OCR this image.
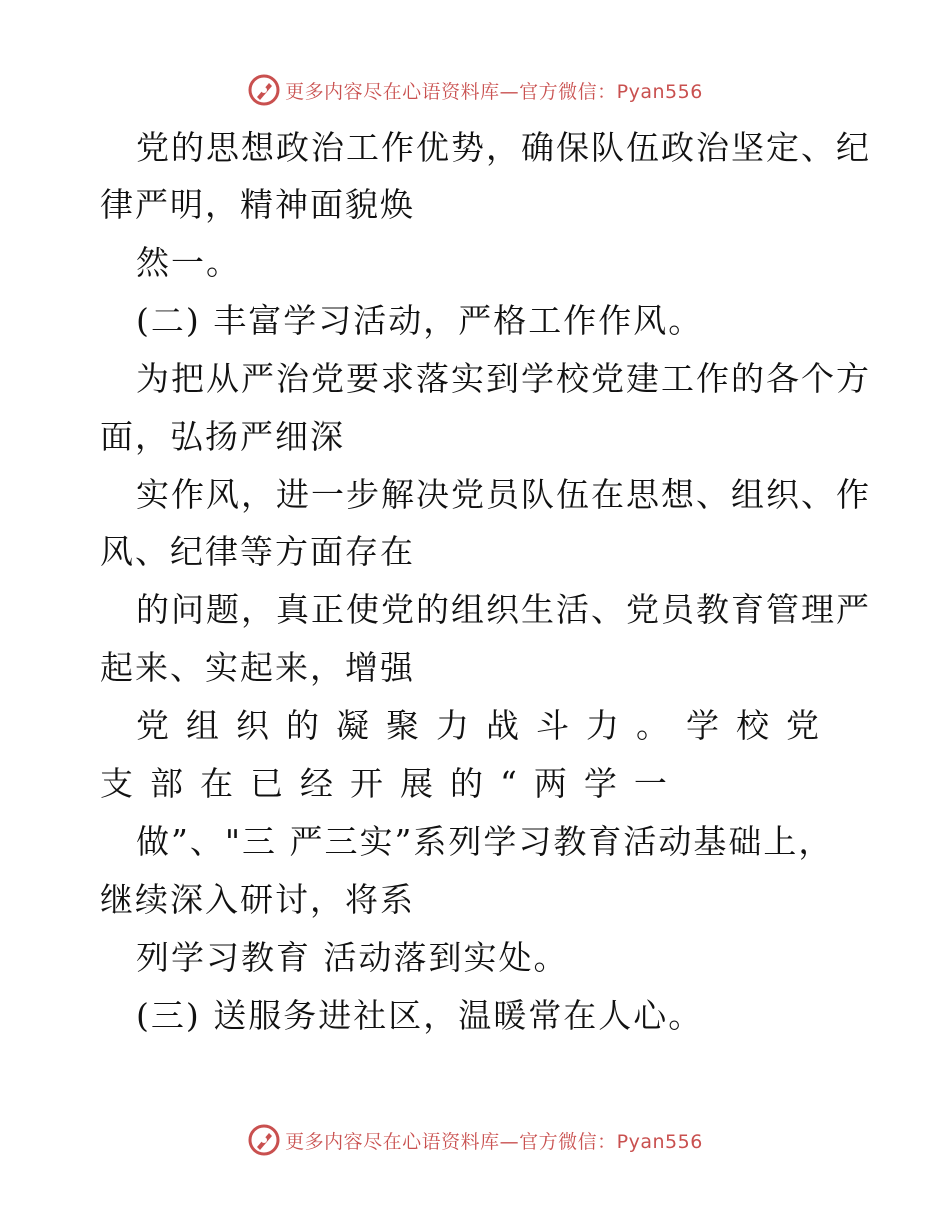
更多内容尽在心语资料库—官方微信：Pyan556
党的思想政治工作优势，确保队伍政治坚定、纪
律严明，精神面貌焕
然一。
(二) 丰富学习活动，严格工作作风。
为把从严治党要求落实到学校党建工作的各个方
面，弘扬严细深
实作风，进一步解决党员队伍在思想、组织、作
风、纪律等方面存在
的问题，真正使党的组织生活、党员教育管理严
起来、实起来，增强
党组织的凝聚力战斗力。学校党
支部在已经开展的“两学一
做”、"三 严三实”系列学习教育活动基础上，
继续深入研讨，将系
列学习教育 活动落到实处。
(三) 送服务进社区，温暖常在人心。
更多内容尽在心语资料库—官方微信：Pyan556
